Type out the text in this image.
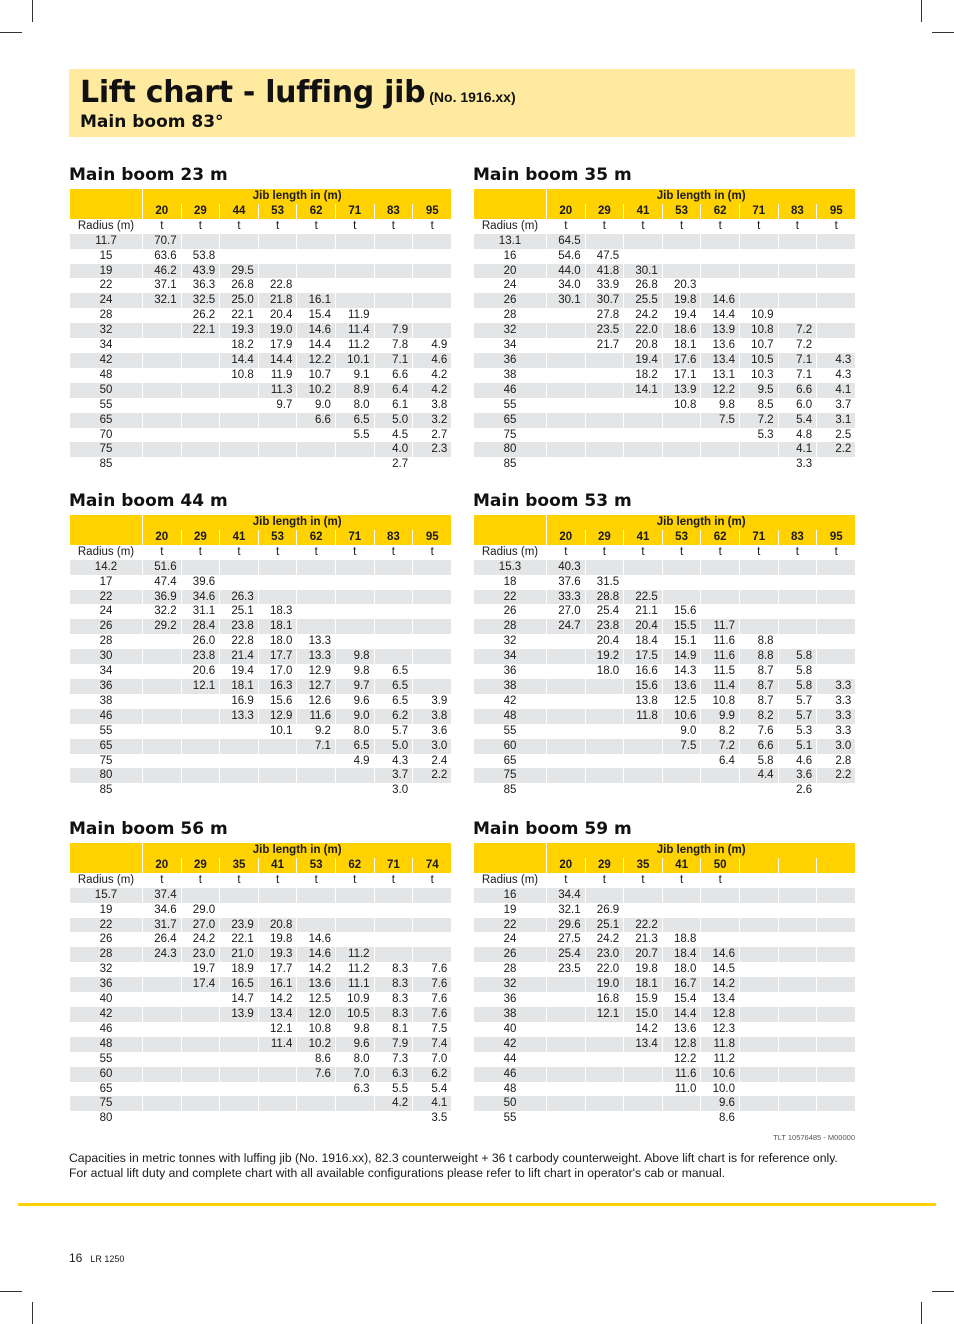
Lift chart - luffing jib (No. 1916.xx)
Main boom 83°
Main boom 23 m
	Jib length in (m)							
	20	29	44	53	62	71	83	95
Radius (m)	t	t	t	t	t	t	t	t
11.7	70.7							
15	63.6	53.8						
19	46.2	43.9	29.5					
22	37.1	36.3	26.8	22.8				
24	32.1	32.5	25.0	21.8	16.1			
28		26.2	22.1	20.4	15.4	11.9		
32		22.1	19.3	19.0	14.6	11.4	7.9	
34			18.2	17.9	14.4	11.2	7.8	4.9
42			14.4	14.4	12.2	10.1	7.1	4.6
48			10.8	11.9	10.7	9.1	6.6	4.2
50				11.3	10.2	8.9	6.4	4.2
55				9.7	9.0	8.0	6.1	3.8
65					6.6	6.5	5.0	3.2
70						5.5	4.5	2.7
75							4.0	2.3
85							2.7	
Main boom 35 m
	Jib length in (m)							
	20	29	41	53	62	71	83	95
Radius (m)	t	t	t	t	t	t	t	t
13.1	64.5							
16	54.6	47.5						
20	44.0	41.8	30.1					
24	34.0	33.9	26.8	20.3				
26	30.1	30.7	25.5	19.8	14.6			
28		27.8	24.2	19.4	14.4	10.9		
32		23.5	22.0	18.6	13.9	10.8	7.2	
34		21.7	20.8	18.1	13.6	10.7	7.2	
36			19.4	17.6	13.4	10.5	7.1	4.3
38			18.2	17.1	13.1	10.3	7.1	4.3
46			14.1	13.9	12.2	9.5	6.6	4.1
55				10.8	9.8	8.5	6.0	3.7
65					7.5	7.2	5.4	3.1
75						5.3	4.8	2.5
80							4.1	2.2
85							3.3	
Main boom 44 m
	Jib length in (m)							
	20	29	41	53	62	71	83	95
Radius (m)	t	t	t	t	t	t	t	t
14.2	51.6							
17	47.4	39.6						
22	36.9	34.6	26.3					
24	32.2	31.1	25.1	18.3				
26	29.2	28.4	23.8	18.1				
28		26.0	22.8	18.0	13.3			
30		23.8	21.4	17.7	13.3	9.8		
34		20.6	19.4	17.0	12.9	9.8	6.5	
36		12.1	18.1	16.3	12.7	9.7	6.5	
38			16.9	15.6	12.6	9.6	6.5	3.9
46			13.3	12.9	11.6	9.0	6.2	3.8
55				10.1	9.2	8.0	5.7	3.6
65					7.1	6.5	5.0	3.0
75						4.9	4.3	2.4
80							3.7	2.2
85							3.0	
Main boom 53 m
	Jib length in (m)							
	20	29	41	53	62	71	83	95
Radius (m)	t	t	t	t	t	t	t	t
15.3	40.3							
18	37.6	31.5						
22	33.3	28.8	22.5					
26	27.0	25.4	21.1	15.6				
28	24.7	23.8	20.4	15.5	11.7			
32		20.4	18.4	15.1	11.6	8.8		
34		19.2	17.5	14.9	11.6	8.8	5.8	
36		18.0	16.6	14.3	11.5	8.7	5.8	
38			15.6	13.6	11.4	8.7	5.8	3.3
42			13.8	12.5	10.8	8.7	5.7	3.3
48			11.8	10.6	9.9	8.2	5.7	3.3
55				9.0	8.2	7.6	5.3	3.3
60				7.5	7.2	6.6	5.1	3.0
65					6.4	5.8	4.6	2.8
75						4.4	3.6	2.2
85							2.6	
Main boom 56 m
	Jib length in (m)							
	20	29	35	41	53	62	71	74
Radius (m)	t	t	t	t	t	t	t	t
15.7	37.4							
19	34.6	29.0						
22	31.7	27.0	23.9	20.8				
26	26.4	24.2	22.1	19.8	14.6			
28	24.3	23.0	21.0	19.3	14.6	11.2		
32		19.7	18.9	17.7	14.2	11.2	8.3	7.6
36		17.4	16.5	16.1	13.6	11.1	8.3	7.6
40			14.7	14.2	12.5	10.9	8.3	7.6
42			13.9	13.4	12.0	10.5	8.3	7.6
46				12.1	10.8	9.8	8.1	7.5
48				11.4	10.2	9.6	7.9	7.4
55					8.6	8.0	7.3	7.0
60					7.6	7.0	6.3	6.2
65						6.3	5.5	5.4
75							4.2	4.1
80								3.5
Main boom 59 m
	Jib length in (m)							
	20	29	35	41	50			
Radius (m)	t	t	t	t	t			
16	34.4							
19	32.1	26.9						
22	29.6	25.1	22.2					
24	27.5	24.2	21.3	18.8				
26	25.4	23.0	20.7	18.4	14.6			
28	23.5	22.0	19.8	18.0	14.5			
32		19.0	18.1	16.7	14.2			
36		16.8	15.9	15.4	13.4			
38		12.1	15.0	14.4	12.8			
40			14.2	13.6	12.3			
42			13.4	12.8	11.8			
44				12.2	11.2			
46				11.6	10.6			
48				11.0	10.0			
50					9.6			
55					8.6			
TLT 10576485 - M00000
Capacities in metric tonnes with luffing jib (No. 1916.xx), 82.3 counterweight + 36 t carbody counterweight. Above lift chart is for reference only.
For actual lift duty and complete chart with all available configurations please refer to lift chart in operator's cab or manual.
16 LR 1250
